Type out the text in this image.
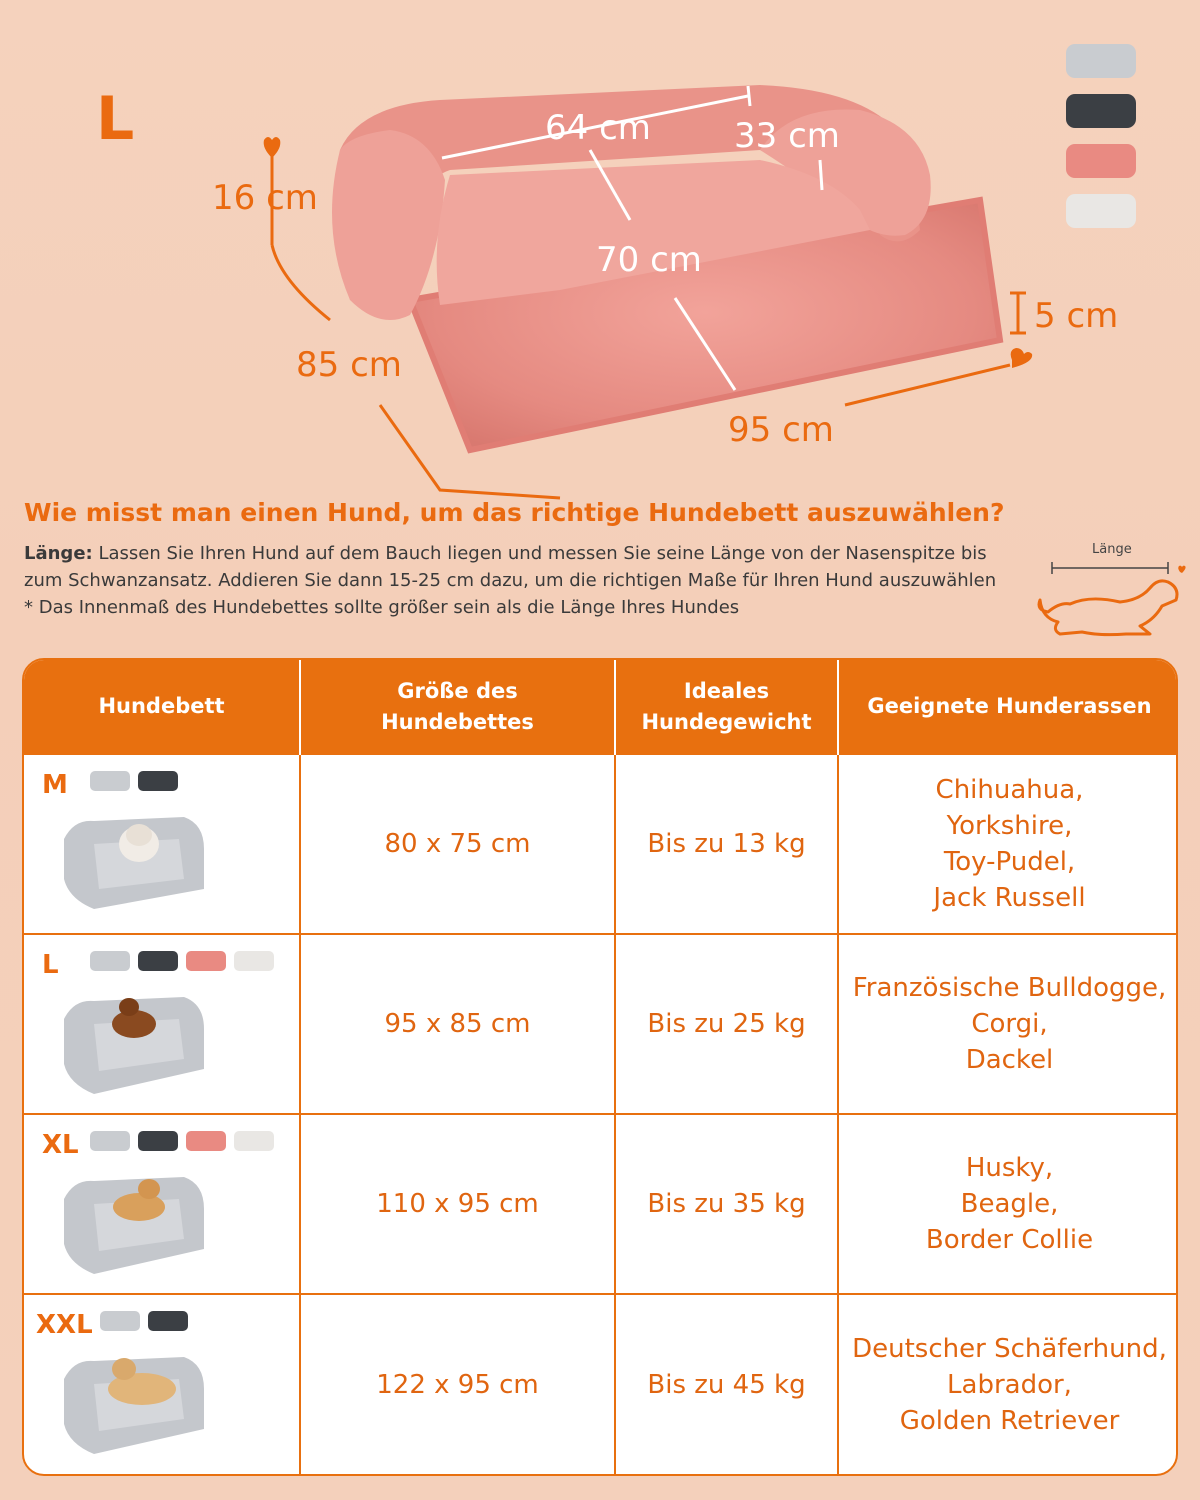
L	64 cm 33 cm
16 cm
70 cm
85 cm
5 cm
95 cm
Wie misst man einen Hund, um das richtige Hundebett auszuwählen?
Länge: Lassen Sie Ihren Hund auf dem Bauch liegen und messen Sie seine Länge von der Nasenspitze bis zum Schwanzansatz. Addieren Sie dann 15-25 cm dazu, um die richtigen Maße für Ihren Hund auszuwählen
* Das Innenmaß des Hundebettes sollte größer sein als die Länge Ihres Hundes
Länge
Hundebett	Größe des Hundebettes	Ideales Hundegewicht	Geeignete Hunderassen

M	80 x 75 cm	Bis zu 13 kg	Chihuahua,
Yorkshire,
Toy-Pudel,
Jack Russell

L	95 x 85 cm	Bis zu 25 kg	Französische Bulldogge,
Corgi,
Dackel

XL	110 x 95 cm	Bis zu 35 kg	Husky,
Beagle,
Border Collie

XXL	122 x 95 cm	Bis zu 45 kg	Deutscher Schäferhund,
Labrador,
Golden Retriever
